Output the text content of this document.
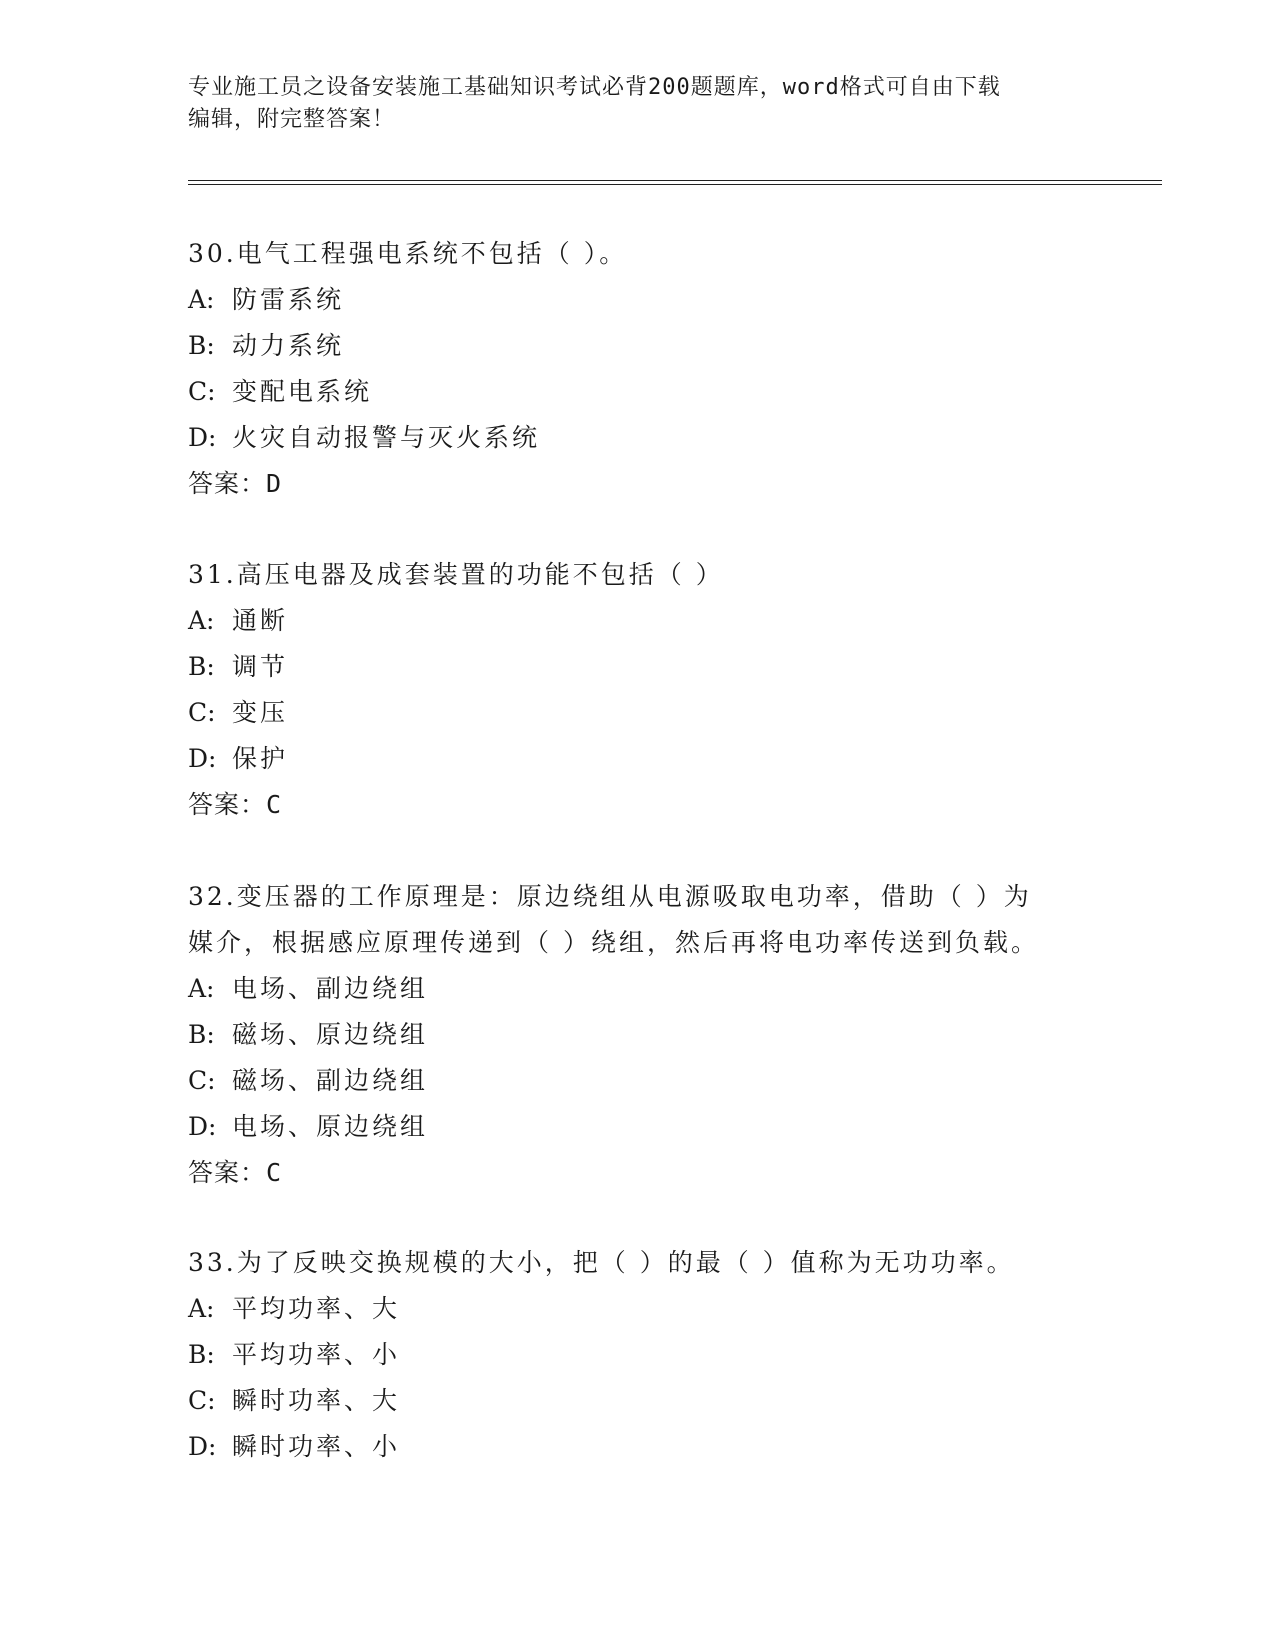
专业施工员之设备安装施工基础知识考试必背200题题库，word格式可自由下载
编辑，附完整答案！
30.电气工程强电系统不包括（ ）。
A: 防雷系统
B: 动力系统
C: 变配电系统
D: 火灾自动报警与灭火系统
答案：D
31.高压电器及成套装置的功能不包括（ ）
A: 通断
B: 调节
C: 变压
D: 保护
答案：C
32.变压器的工作原理是：原边绕组从电源吸取电功率，借助（ ）为
媒介，根据感应原理传递到（ ）绕组，然后再将电功率传送到负载。
A: 电场、副边绕组
B: 磁场、原边绕组
C: 磁场、副边绕组
D: 电场、原边绕组
答案：C
33.为了反映交换规模的大小，把（ ）的最（ ）值称为无功功率。
A: 平均功率、大
B: 平均功率、小
C: 瞬时功率、大
D: 瞬时功率、小
